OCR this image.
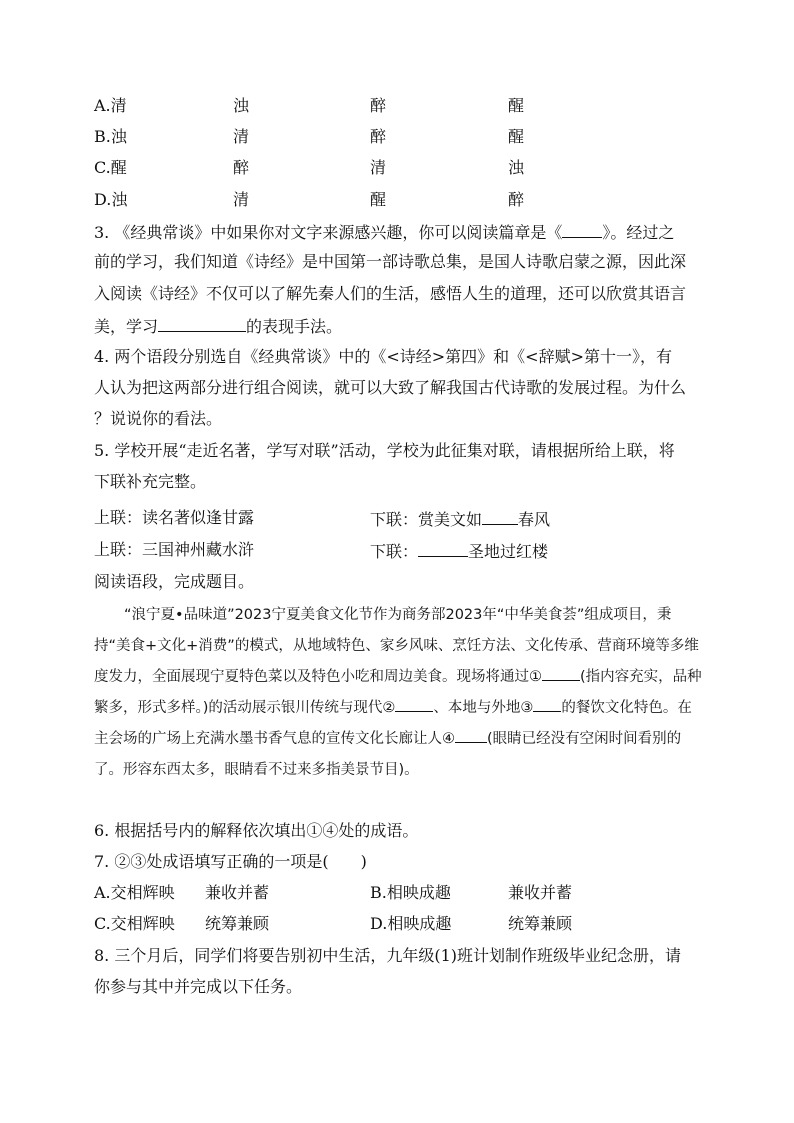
A.清	浊	醉	醒
B.浊	清	醉	醒
C.醒	醉	清	浊
D.浊	清	醒	醉
3. 《经典常谈》中如果你对文字来源感兴趣，你可以阅读篇章是《	》。经过之
前的学习，我们知道《诗经》是中国第一部诗歌总集，是国人诗歌启蒙之源，因此深
入阅读《诗经》不仅可以了解先秦人们的生活，感悟人生的道理，还可以欣赏其语言
美，学习	的表现手法。
4. 两个语段分别选自《经典常谈》中的《<诗经>第四》和《<辞赋>第十一》，有
人认为把这两部分进行组合阅读，就可以大致了解我国古代诗歌的发展过程。为什么
？说说你的看法。
5. 学校开展“走近名著，学写对联”活动，学校为此征集对联，请根据所给上联，将
下联补充完整。
上联：读名著似逢甘露	下联：赏美文如 春风
上联：三国神州藏水浒	下联：	圣地过红楼
阅读语段，完成题目。
“浪宁夏•品味道”2023宁夏美食文化节作为商务部2023年“中华美食荟”组成项目，秉持“美食+文化+消费”的模式，从地域特色、家乡风味、烹饪方法、文化传承、营商环境等多维度发力，全面展现宁夏特色菜以及特色小吃和周边美食。现场将通过①	(指内容充实，品种繁多，形式多样。)的活动展示银川传统与现代②	、本地与外地③ 的餐饮文化特色。在主会场的广场上充满水墨书香气息的宣传文化长廊让人④ (眼睛已经没有空闲时间看别的了。形容东西太多，眼睛看不过来多指美景节目)。
6. 根据括号内的解释依次填出①④处的成语。
7. ②③处成语填写正确的一项是(　　)
A.交相辉映 兼收并蓄	B.相映成趣	兼收并蓄
C.交相辉映 统筹兼顾	D.相映成趣	统筹兼顾
8. 三个月后，同学们将要告别初中生活，九年级(1)班计划制作班级毕业纪念册，请
你参与其中并完成以下任务。
